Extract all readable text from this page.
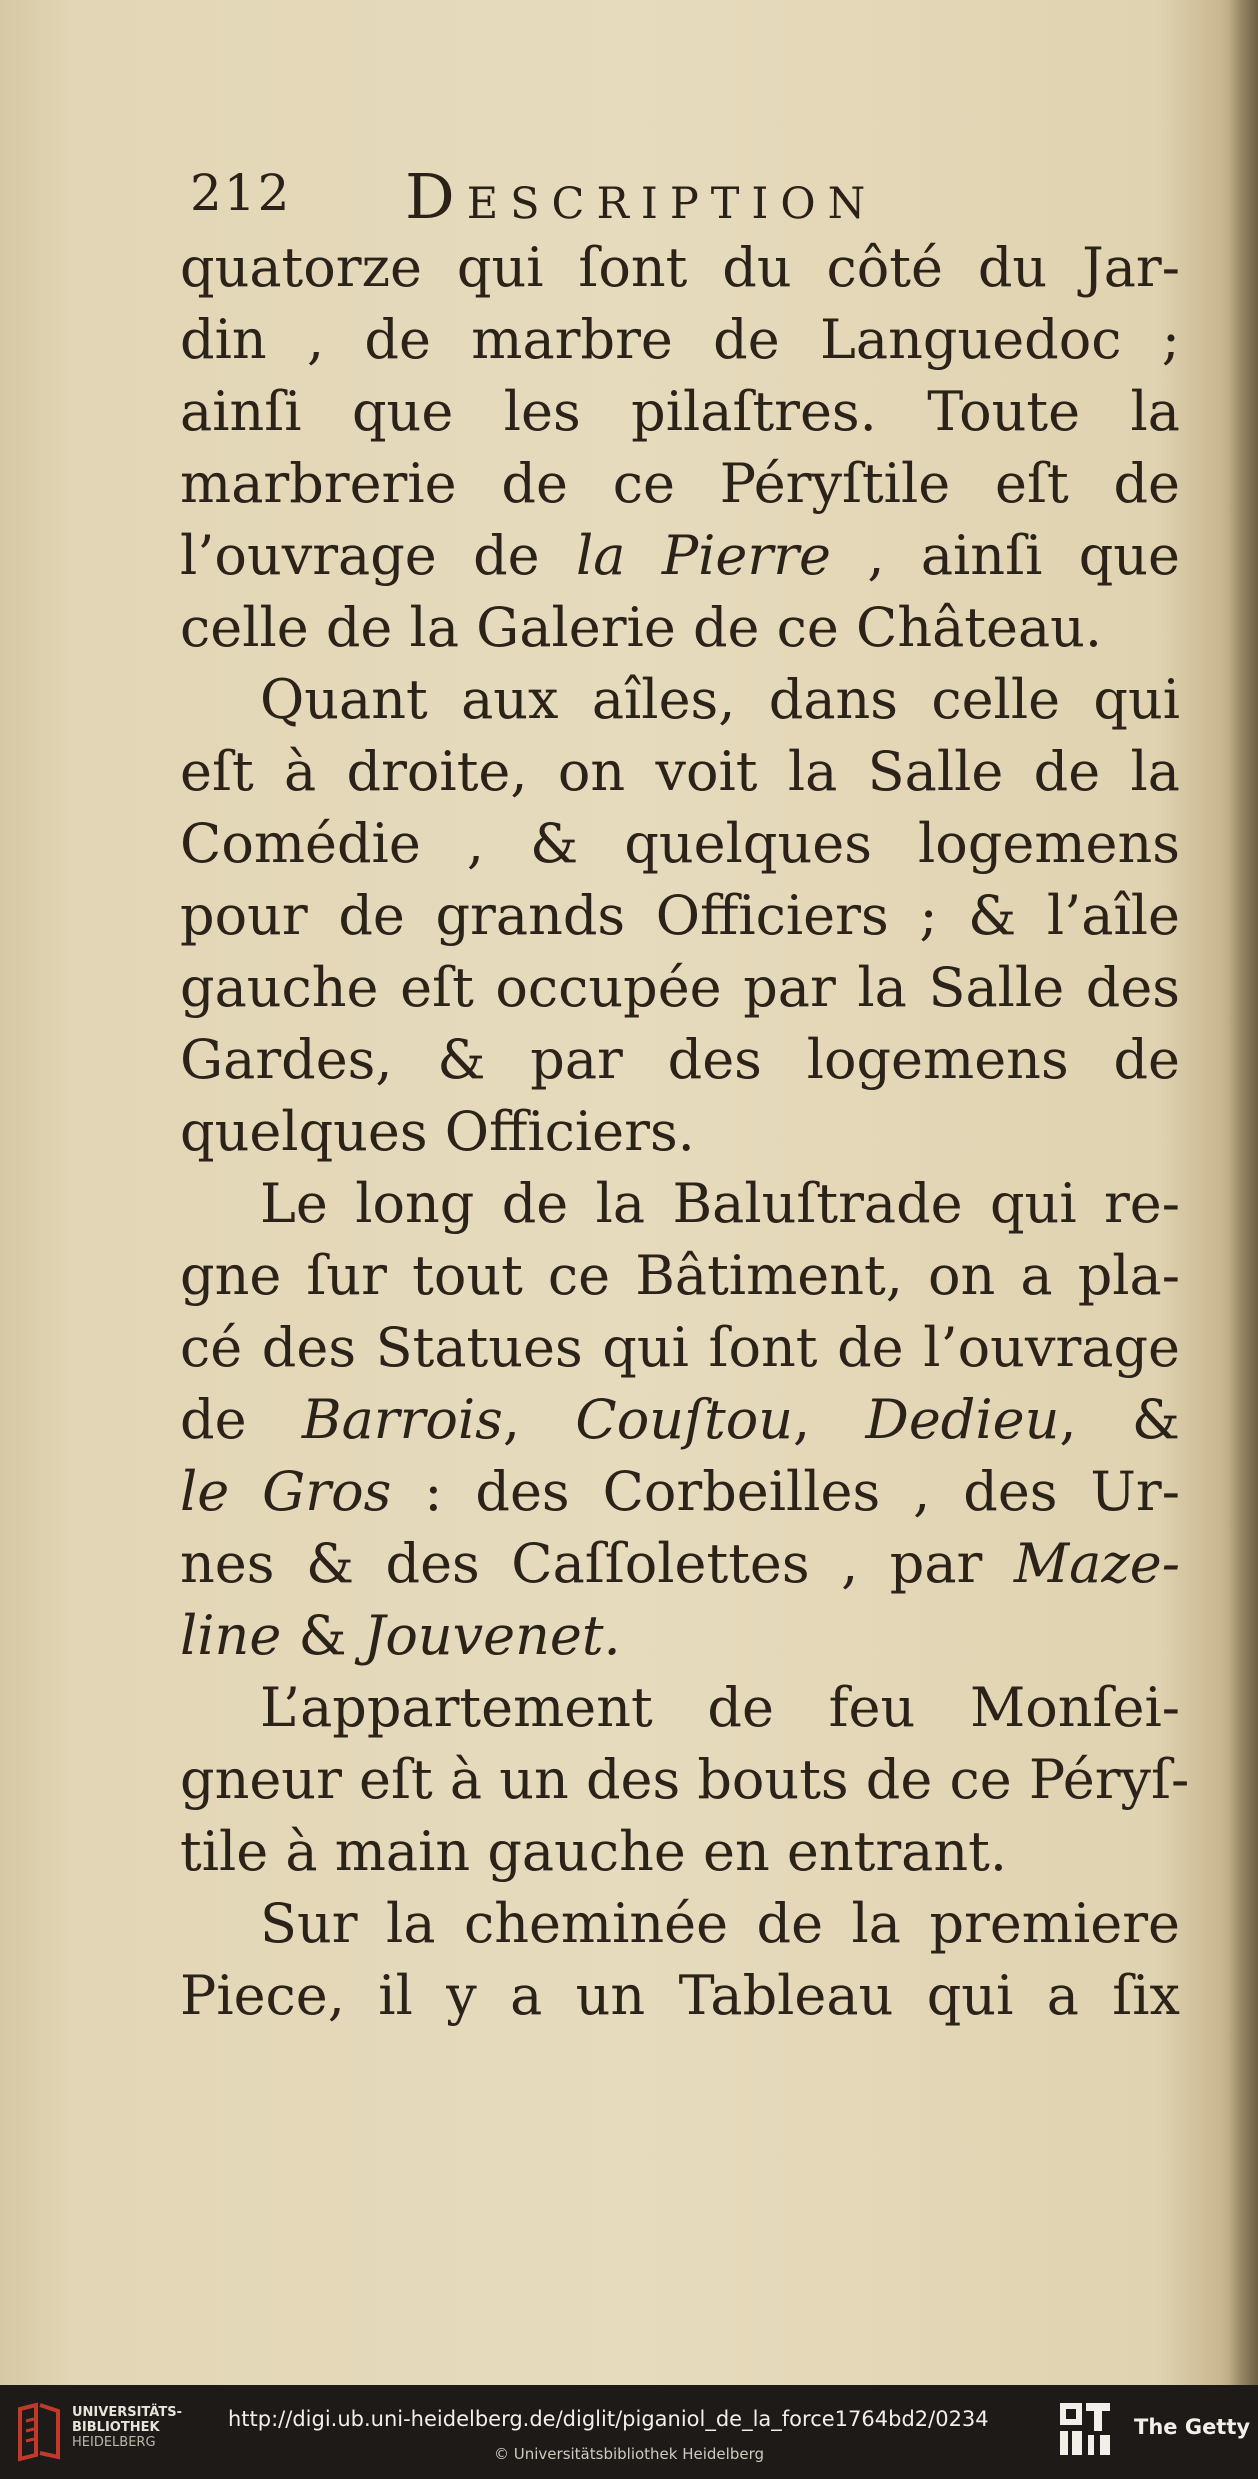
212 Description
quatorze qui ſont du côté du Jar-
din , de marbre de Languedoc ;
ainſi que les pilaſtres. Toute la
marbrerie de ce Péryſtile eſt de
l’ouvrage de la Pierre , ainſi que
celle de la Galerie de ce Château.
Quant aux aîles, dans celle qui
eſt à droite, on voit la Salle de la
Comédie , & quelques logemens
pour de grands Officiers ; & l’aîle
gauche eſt occupée par la Salle des
Gardes, & par des logemens de
quelques Officiers.
Le long de la Baluſtrade qui re-
gne ſur tout ce Bâtiment, on a pla-
cé des Statues qui ſont de l’ouvrage
de Barrois, Couſtou, Dedieu, &
le Gros : des Corbeilles , des Ur-
nes & des Caſſolettes , par Maze-
line & Jouvenet.
L’appartement de feu Monſei-
gneur eſt à un des bouts de ce Péryſ-
tile à main gauche en entrant.
Sur la cheminée de la premiere
Piece, il y a un Tableau qui a ſix
UNIVERSITÄTS-
BIBLIOTHEK
HEIDELBERG
http://digi.ub.uni-heidelberg.de/diglit/piganiol_de_la_force1764bd2/0234
© Universitätsbibliothek Heidelberg
The Getty
